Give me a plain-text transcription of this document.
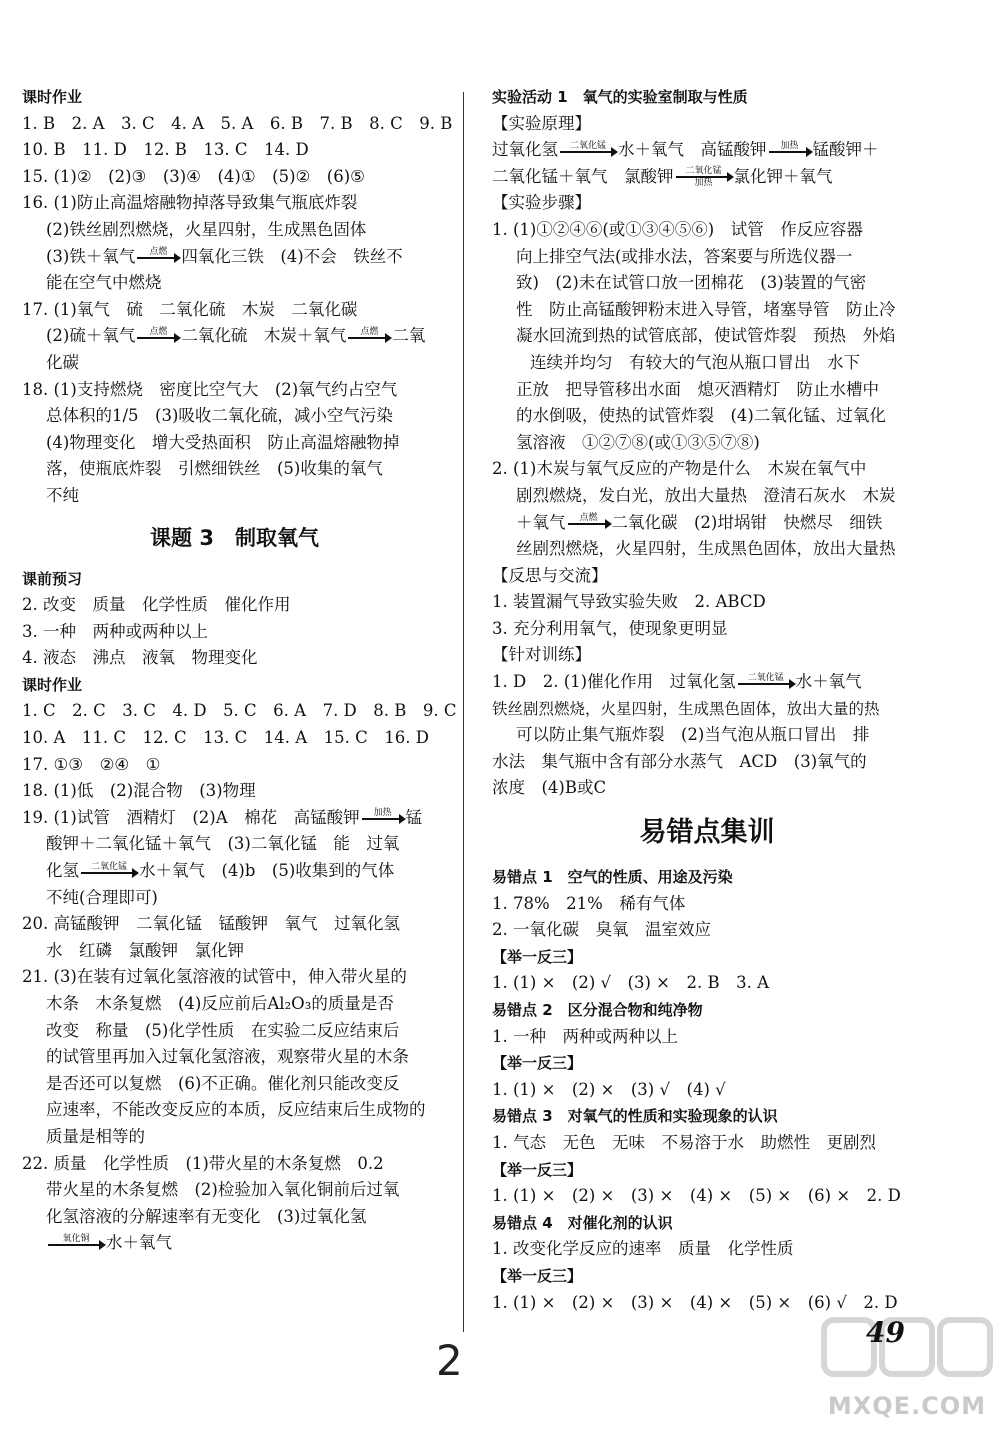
课时作业
1. B　2. A　3. C　4. A　5. A　6. B　7. B　8. C　9. B
10. B　11. D　12. B　13. C　14. D
15. (1)②　(2)③　(3)④　(4)①　(5)②　(6)⑤
16. (1)防止高温熔融物掉落导致集气瓶底炸裂
(2)铁丝剧烈燃烧，火星四射，生成黑色固体
(3)铁＋氧气 点燃 四氧化三铁　(4)不会　铁丝不
能在空气中燃烧
17. (1)氧气　硫　二氧化硫　木炭　二氧化碳
(2)硫＋氧气 点燃 二氧化硫　木炭＋氧气 点燃 二氧
化碳
18. (1)支持燃烧　密度比空气大　(2)氧气约占空气
总体积的1/5　(3)吸收二氧化硫，减小空气污染
(4)物理变化　增大受热面积　防止高温熔融物掉
落，使瓶底炸裂　引燃细铁丝　(5)收集的氧气
不纯
课题 3　制取氧气
课前预习
2. 改变　质量　化学性质　催化作用
3. 一种　两种或两种以上
4. 液态　沸点　液氧　物理变化
课时作业
1. C　2. C　3. C　4. D　5. C　6. A　7. D　8. B　9. C
10. A　11. C　12. C　13. C　14. A　15. C　16. D
17. ①③　②④　①
18. (1)低　(2)混合物　(3)物理
19. (1)试管　酒精灯　(2)A　棉花　高锰酸钾 加热 锰
酸钾＋二氧化锰＋氧气　(3)二氧化锰　能　过氧
化氢 二氧化锰 水＋氧气　(4)b　(5)收集到的气体
不纯(合理即可)
20. 高锰酸钾　二氧化锰　锰酸钾　氧气　过氧化氢
水　红磷　氯酸钾　氯化钾
21. (3)在装有过氧化氢溶液的试管中，伸入带火星的
木条　木条复燃　(4)反应前后Al₂O₃的质量是否
改变　称量　(5)化学性质　在实验二反应结束后
的试管里再加入过氧化氢溶液，观察带火星的木条
是否还可以复燃　(6)不正确。催化剂只能改变反
应速率，不能改变反应的本质，反应结束后生成物的
质量是相等的
22. 质量　化学性质　(1)带火星的木条复燃　0.2
带火星的木条复燃　(2)检验加入氧化铜前后过氧
化氢溶液的分解速率有无变化　(3)过氧化氢
氧化铜 水＋氧气
实验活动 1　氧气的实验室制取与性质
【实验原理】
过氧化氢 二氧化锰 水＋氧气　高锰酸钾 加热 锰酸钾＋
二氧化锰＋氧气　氯酸钾 二氧化锰
加热 氯化钾＋氧气
【实验步骤】
1. (1)①②④⑥(或①③④⑤⑥)　试管　作反应容器
向上排空气法(或排水法，答案要与所选仪器一
致)　(2)未在试管口放一团棉花　(3)装置的气密
性　防止高锰酸钾粉末进入导管，堵塞导管　防止冷
凝水回流到热的试管底部，使试管炸裂　预热　外焰
连续并均匀　有较大的气泡从瓶口冒出　水下
正放　把导管移出水面　熄灭酒精灯　防止水槽中
的水倒吸，使热的试管炸裂　(4)二氧化锰、过氧化
氢溶液　①②⑦⑧(或①③⑤⑦⑧)
2. (1)木炭与氧气反应的产物是什么　木炭在氧气中
剧烈燃烧，发白光，放出大量热　澄清石灰水　木炭
＋氧气 点燃 二氧化碳　(2)坩埚钳　快燃尽　细铁
丝剧烈燃烧，火星四射，生成黑色固体，放出大量热
【反思与交流】
1. 装置漏气导致实验失败　2. ABCD
3. 充分利用氧气，使现象更明显
【针对训练】
1. D　2. (1)催化作用　过氧化氢 二氧化锰 水＋氧气
铁丝剧烈燃烧，火星四射，生成黑色固体，放出大量的热
可以防止集气瓶炸裂　(2)当气泡从瓶口冒出　排
水法　集气瓶中含有部分水蒸气　ACD　(3)氧气的
浓度　(4)B或C
易错点集训
易错点 1　空气的性质、用途及污染
1. 78%　21%　稀有气体
2. 一氧化碳　臭氧　温室效应
【举一反三】
1. (1) ×　(2) √　(3) ×　2. B　3. A
易错点 2　区分混合物和纯净物
1. 一种　两种或两种以上
【举一反三】
1. (1) ×　(2) ×　(3) √　(4) √
易错点 3　对氧气的性质和实验现象的认识
1. 气态　无色　无味　不易溶于水　助燃性　更剧烈
【举一反三】
1. (1) ×　(2) ×　(3) ×　(4) ×　(5) ×　(6) ×　2. D
易错点 4　对催化剂的认识
1. 改变化学反应的速率　质量　化学性质
【举一反三】
1. (1) ×　(2) ×　(3) ×　(4) ×　(5) ×　(6) √　2. D
2
MXQE.COM
49
